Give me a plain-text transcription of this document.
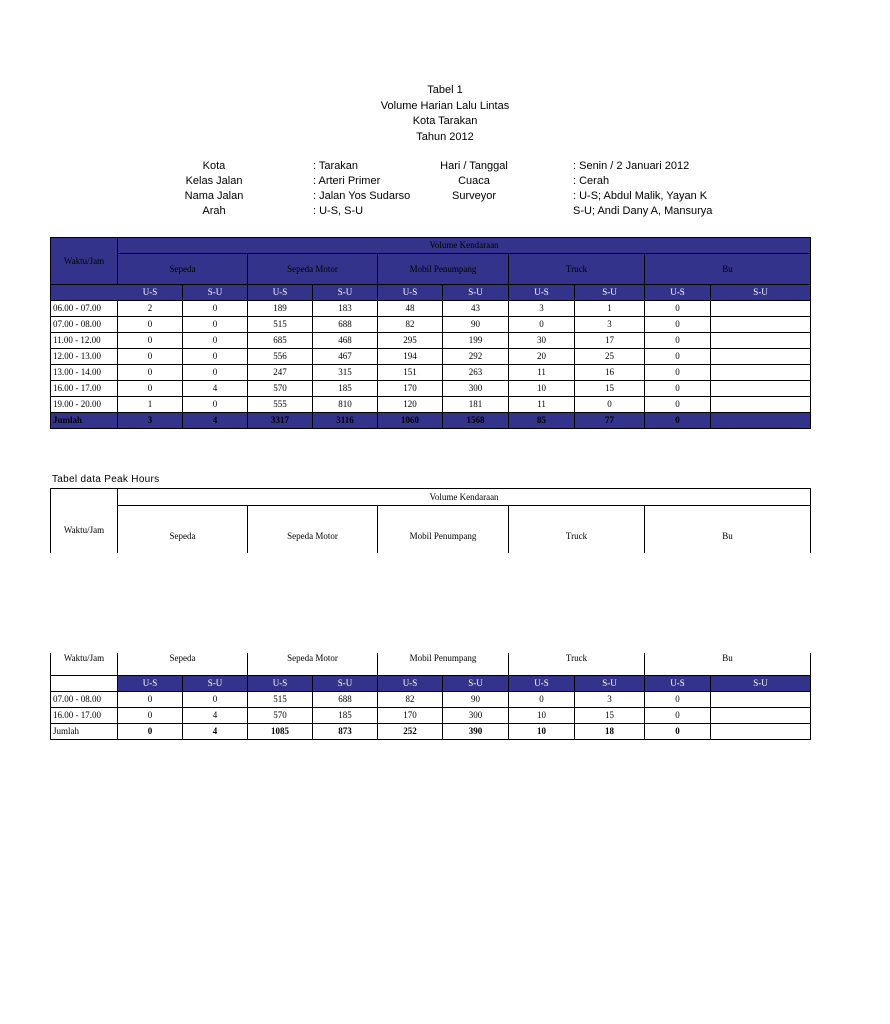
Tabel 1
Volume Harian Lalu Lintas
Kota Tarakan
Tahun 2012
Kota	: Tarakan
Kelas Jalan	: Arteri Primer
Nama Jalan	: Jalan Yos Sudarso
Arah	: U-S, S-U
Hari / Tanggal	: Senin / 2 Januari 2012
Cuaca	: Cerah
Surveyor	: U-S; Abdul Malik, Yayan K
S-U; Andi Dany A, Mansurya
Waktu/Jam	Volume Kendaraan									
	Sepeda		Sepeda Motor		Mobil Penumpang		Truck		Bu	
	U-S	S-U	U-S	S-U	U-S	S-U	U-S	S-U	U-S	S-U
06.00 - 07.00	2	0	189	183	48	43	3	1	0	
07.00 - 08.00	0	0	515	688	82	90	0	3	0	
11.00 - 12.00	0	0	685	468	295	199	30	17	0	
12.00 - 13.00	0	0	556	467	194	292	20	25	0	
13.00 - 14.00	0	0	247	315	151	263	11	16	0	
16.00 - 17.00	0	4	570	185	170	300	10	15	0	
19.00 - 20.00	1	0	555	810	120	181	11	0	0	
Jumlah	3	4	3317	3116	1060	1568	85	77	0	
Tabel data Peak Hours
Waktu/Jam	Volume Kendaraan				
	Sepeda	Sepeda Motor	Mobil Penumpang	Truck	Bu
Waktu/Jam	Sepeda		Sepeda Motor		Mobil Penumpang		Truck		Bu	
	U-S	S-U	U-S	S-U	U-S	S-U	U-S	S-U	U-S	S-U
07.00 - 08.00	0	0	515	688	82	90	0	3	0	
16.00 - 17.00	0	4	570	185	170	300	10	15	0	
Jumlah	0	4	1085	873	252	390	10	18	0	
